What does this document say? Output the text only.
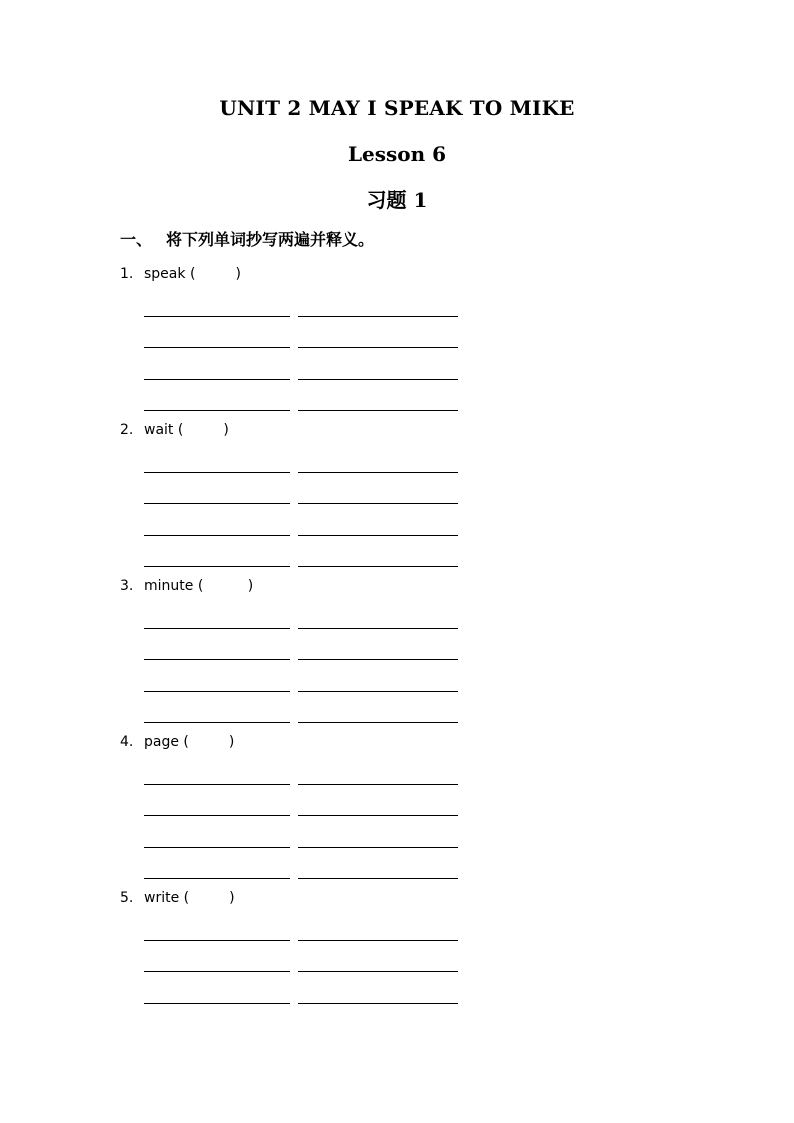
UNIT 2 MAY I SPEAK TO MIKE
Lesson 6
习题 1
一、 将下列单词抄写两遍并释义。
1. speak (         )
2. wait (         )
3. minute (          )
4. page (         )
5. write (         )
